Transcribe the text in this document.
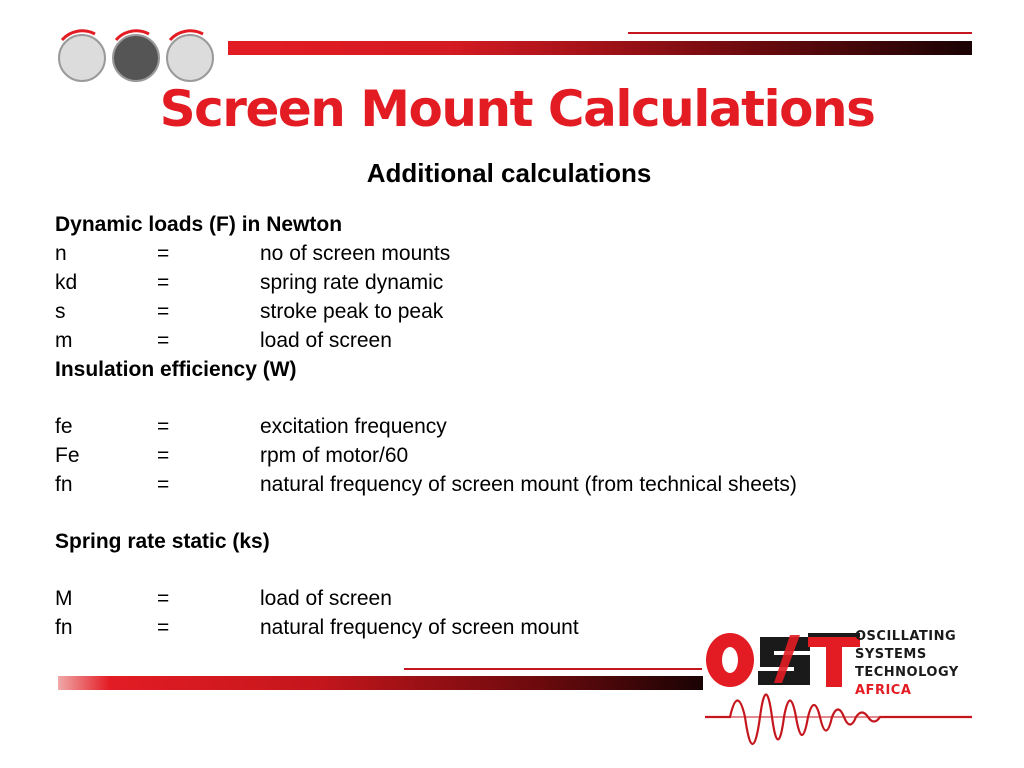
Screen Mount Calculations
Additional calculations
Dynamic loads (F) in Newton
n	=	no of screen mounts
kd	=	spring rate dynamic
s	=	stroke peak to peak
m	=	load of screen
Insulation efficiency (W)
fe	=	excitation frequency
Fe	=	rpm of motor/60
fn	=	natural frequency of screen mount (from technical sheets)
Spring rate static (ks)
M	=	load of screen
fn	=	natural frequency of screen mount	OSCILLATING
SYSTEMS
TECHNOLOGY
AFRICA
